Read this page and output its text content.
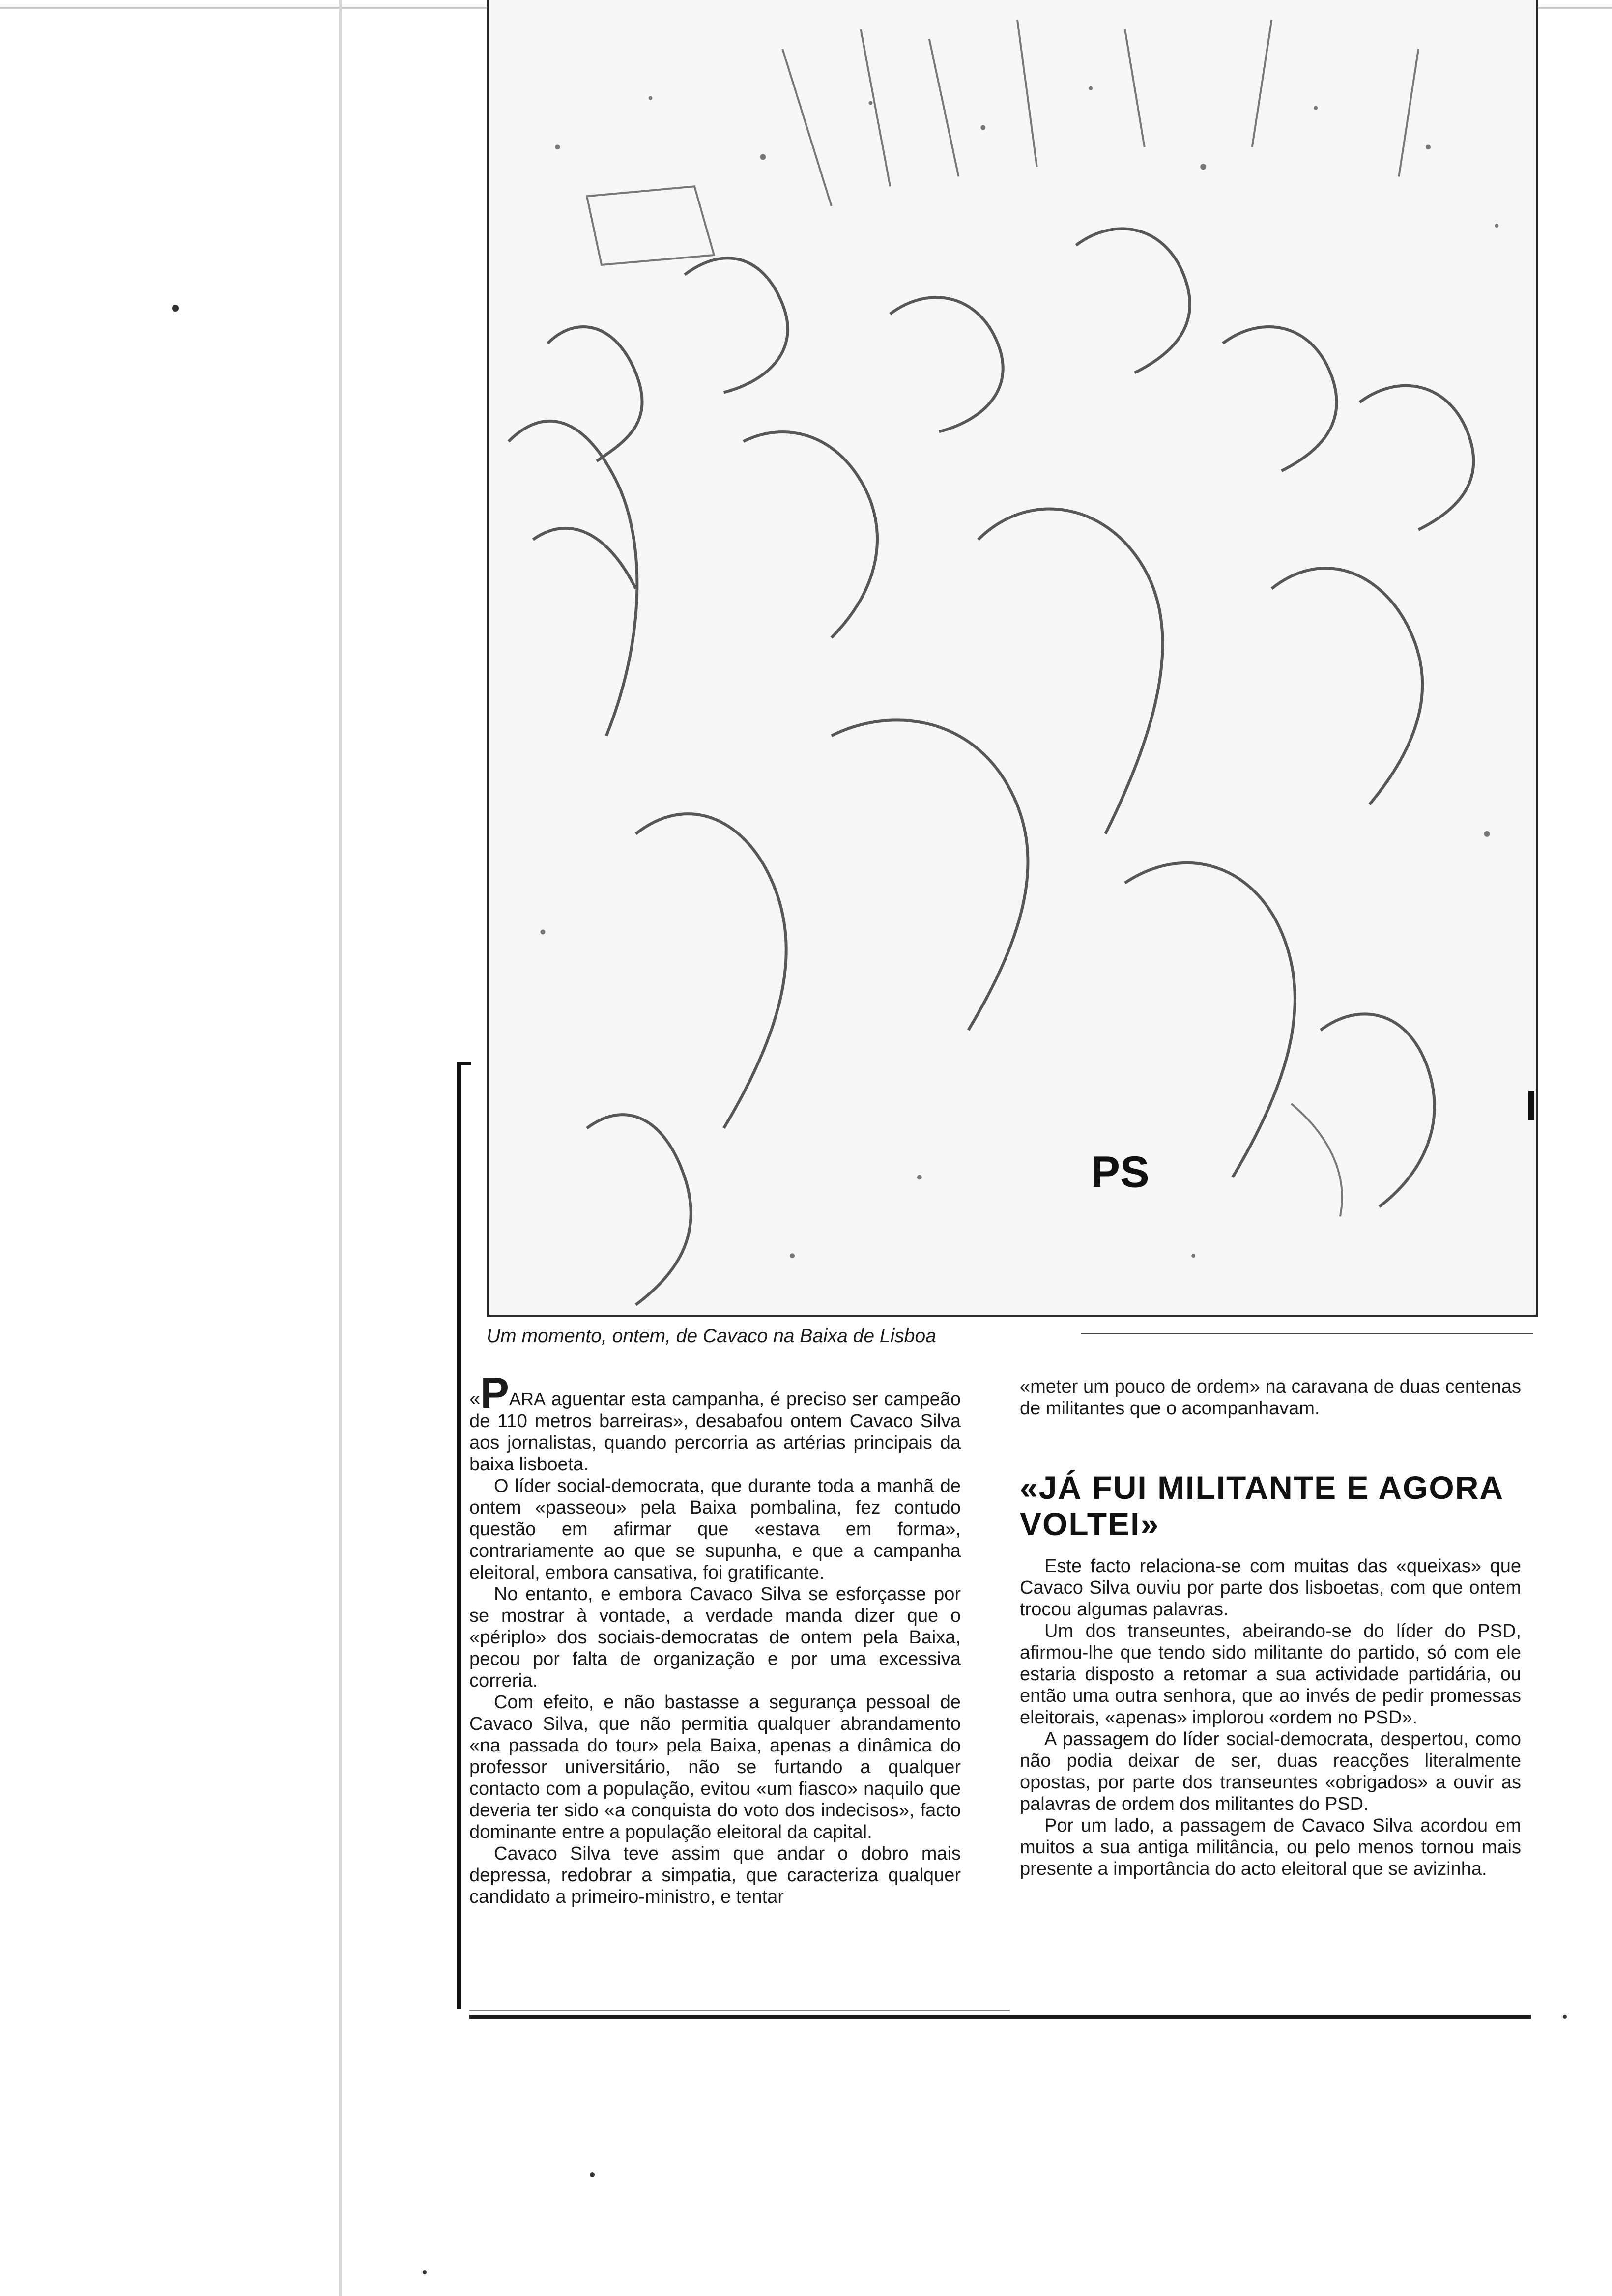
PS
Um momento, ontem, de Cavaco na Baixa de Lisboa

«PARA aguentar esta campanha, é preciso ser campeão de 110 metros barreiras», desabafou ontem Cavaco Silva aos jornalistas, quando percorria as artérias principais da baixa lisboeta.

O líder social-democrata, que durante toda a manhã de ontem «passeou» pela Baixa pombalina, fez contudo questão em afirmar que «estava em forma», contrariamente ao que se supunha, e que a campanha eleitoral, embora cansativa, foi gratificante.

No entanto, e embora Cavaco Silva se esforçasse por se mostrar à vontade, a verdade manda dizer que o «périplo» dos sociais-democratas de ontem pela Baixa, pecou por falta de organização e por uma excessiva correria.

Com efeito, e não bastasse a segurança pessoal de Cavaco Silva, que não permitia qualquer abrandamento «na passada do tour» pela Baixa, apenas a dinâmica do professor universitário, não se furtando a qualquer contacto com a população, evitou «um fiasco» naquilo que deveria ter sido «a conquista do voto dos indecisos», facto dominante entre a população eleitoral da capital.

Cavaco Silva teve assim que andar o dobro mais depressa, redobrar a simpatia, que caracteriza qualquer candidato a primeiro-ministro, e tentar

«meter um pouco de ordem» na caravana de duas centenas de militantes que o acompanhavam.

«JÁ FUI MILITANTE E AGORA VOLTEI»

Este facto relaciona-se com muitas das «queixas» que Cavaco Silva ouviu por parte dos lisboetas, com que ontem trocou algumas palavras.

Um dos transeuntes, abeirando-se do líder do PSD, afirmou-lhe que tendo sido militante do partido, só com ele estaria disposto a retomar a sua actividade partidária, ou então uma outra senhora, que ao invés de pedir promessas eleitorais, «apenas» implorou «ordem no PSD».

A passagem do líder social-democrata, despertou, como não podia deixar de ser, duas reacções literalmente opostas, por parte dos transeuntes «obrigados» a ouvir as palavras de ordem dos militantes do PSD.

Por um lado, a passagem de Cavaco Silva acordou em muitos a sua antiga militância, ou pelo menos tornou mais presente a importância do acto eleitoral que se avizinha.
